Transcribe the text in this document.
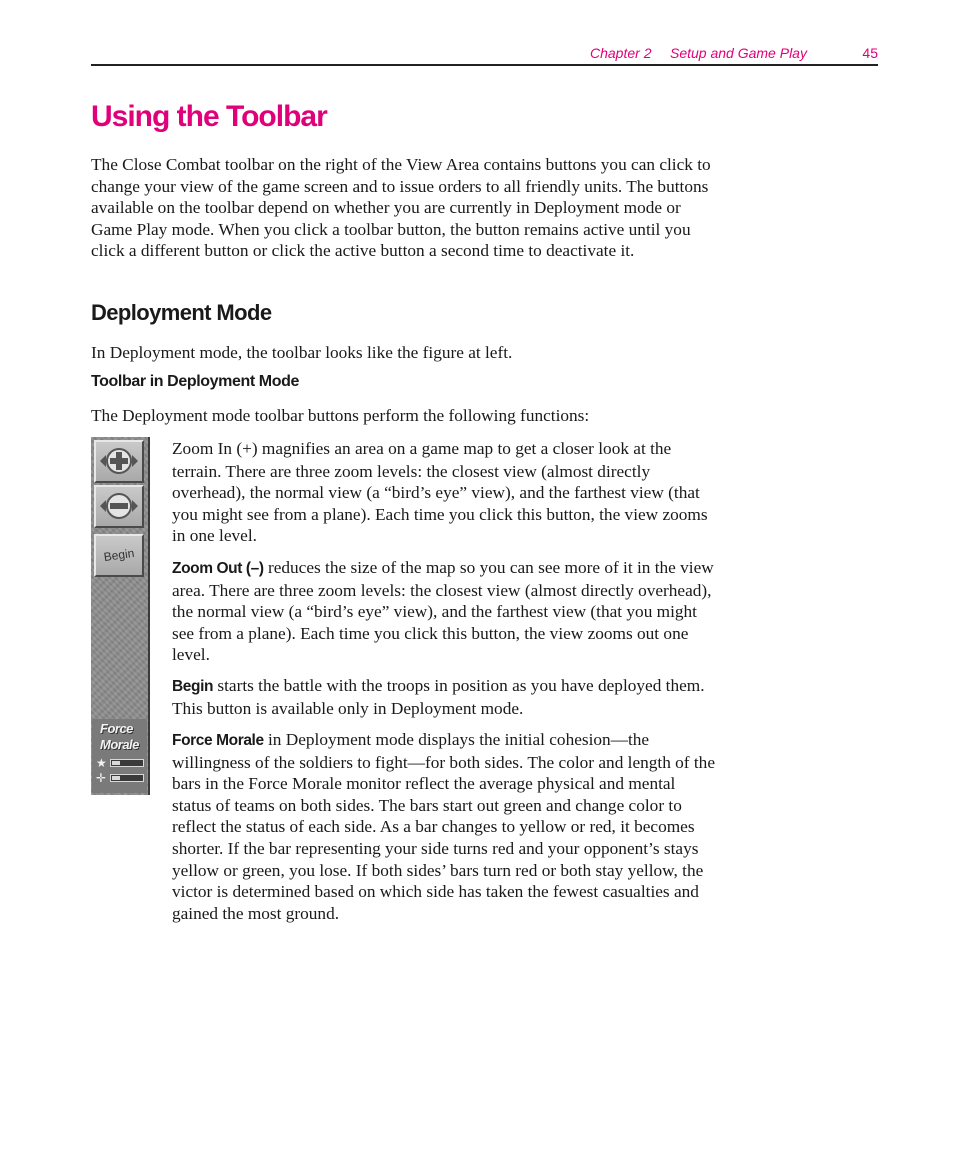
Chapter 2 Setup and Game Play	45
Using the Toolbar

The Close Combat toolbar on the right of the View Area contains buttons you can click to change your view of the game screen and to issue orders to all friendly units. The buttons available on the toolbar depend on whether you are currently in Deployment mode or Game Play mode. When you click a toolbar button, the button remains active until you click a different button or click the active button a second time to deactivate it.

Deployment Mode

In Deployment mode, the toolbar looks like the figure at left.

Toolbar in Deployment Mode

The Deployment mode toolbar buttons perform the following functions:

Begin
Force Morale
★
✛

Zoom In (+) magnifies an area on a game map to get a closer look at the terrain. There are three zoom levels: the closest view (almost directly overhead), the normal view (a “bird’s eye” view), and the farthest view (that you might see from a plane). Each time you click this button, the view zooms in one level.

Zoom Out (–) reduces the size of the map so you can see more of it in the view area. There are three zoom levels: the closest view (almost directly overhead), the normal view (a “bird’s eye” view), and the farthest view (that you might see from a plane). Each time you click this button, the view zooms out one level.

Begin starts the battle with the troops in position as you have deployed them. This button is available only in Deployment mode.

Force Morale in Deployment mode displays the initial cohesion—the willingness of the soldiers to fight—for both sides. The color and length of the bars in the Force Morale monitor reflect the average physical and mental status of teams on both sides. The bars start out green and change color to reflect the status of each side. As a bar changes to yellow or red, it becomes shorter. If the bar representing your side turns red and your opponent’s stays yellow or green, you lose. If both sides’ bars turn red or both stay yellow, the victor is determined based on which side has taken the fewest casualties and gained the most ground.
